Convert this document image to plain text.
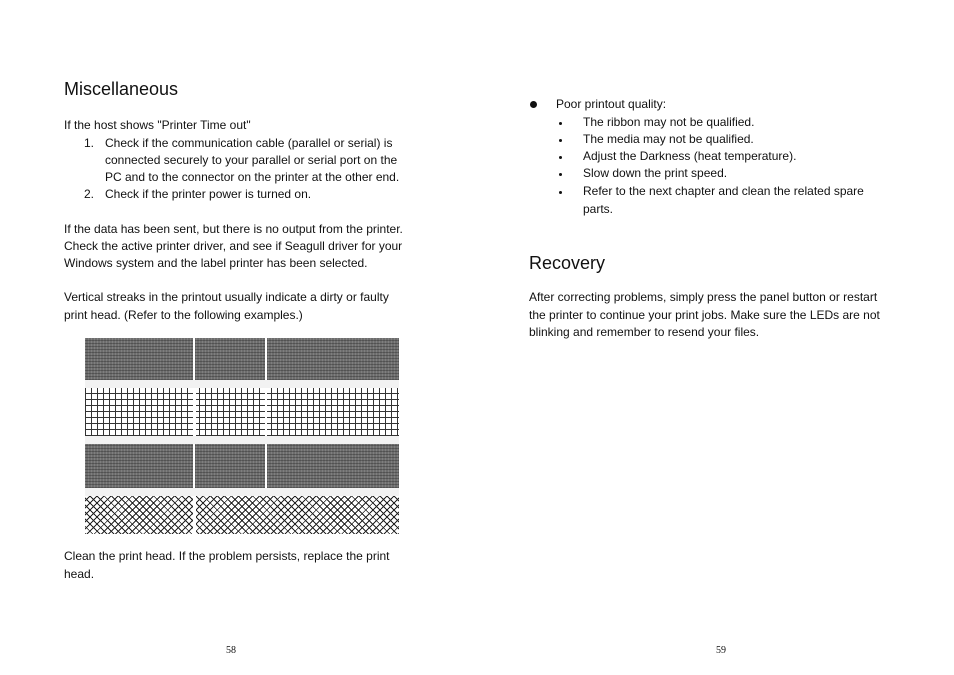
Miscellaneous

If the host shows "Printer Time out"

1. Check if the communication cable (parallel or serial) is
connected securely to your parallel or serial port on the
PC and to the connector on the printer at the other end.
2. Check if the printer power is turned on.

If the data has been sent, but there is no output from the printer.

Check the active printer driver, and see if Seagull driver for your

Windows system and the label printer has been selected.

Vertical streaks in the printout usually indicate a dirty or faulty

print head. (Refer to the following examples.)

Clean the print head. If the problem persists, replace the print

head.

58
Poor printout quality:
The ribbon may not be qualified.
The media may not be qualified.
Adjust the Darkness (heat temperature).
Slow down the print speed.
Refer to the next chapter and clean the related spare
parts.
Recovery

After correcting problems, simply press the panel button or restart

the printer to continue your print jobs. Make sure the LEDs are not

blinking and remember to resend your files.

59
